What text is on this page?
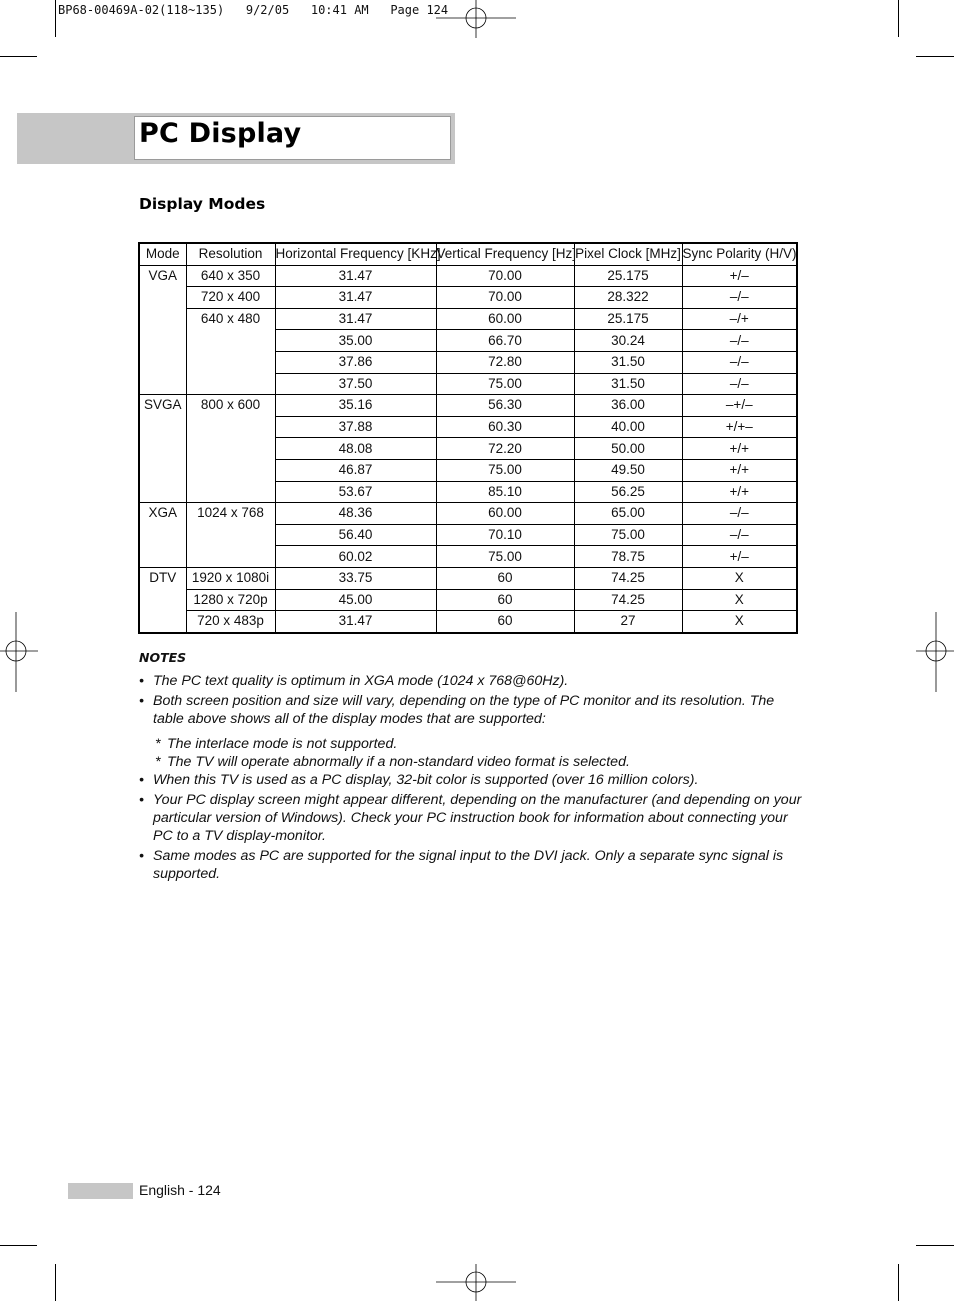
BP68-00469A-02(118~135)   9/2/05   10:41 AM   Page 124
PC Display
Display Modes
Mode	Resolution	Horizontal Frequency [KHz]	Vertical Frequency [Hz]	Pixel Clock [MHz]	Sync Polarity (H/V)
VGA	640 x 350	31.47	70.00	25.175	+/–
	720 x 400	31.47	70.00	28.322	–/–
	640 x 480	31.47	60.00	25.175	–/+
		35.00	66.70	30.24	–/–
		37.86	72.80	31.50	–/–
		37.50	75.00	31.50	–/–
SVGA	800 x 600	35.16	56.30	36.00	–+/–
		37.88	60.30	40.00	+/+–
		48.08	72.20	50.00	+/+
		46.87	75.00	49.50	+/+
		53.67	85.10	56.25	+/+
XGA	1024 x 768	48.36	60.00	65.00	–/–
		56.40	70.10	75.00	–/–
		60.02	75.00	78.75	+/–
DTV	1920 x 1080i	33.75	60	74.25	X
	1280 x 720p	45.00	60	74.25	X
	720 x 483p	31.47	60	27	X
NOTES
• The PC text quality is optimum in XGA mode (1024 x 768@60Hz).
• Both screen position and size will vary, depending on the type of PC monitor and its resolution. The table above shows all of the display modes that are supported:
* The interlace mode is not supported.
* The TV will operate abnormally if a non-standard video format is selected.
• When this TV is used as a PC display, 32-bit color is supported (over 16 million colors).
• Your PC display screen might appear different, depending on the manufacturer (and depending on your particular version of Windows). Check your PC instruction book for information about connecting your PC to a TV display-monitor.
• Same modes as PC are supported for the signal input to the DVI jack. Only a separate sync signal is supported.
English - 124
